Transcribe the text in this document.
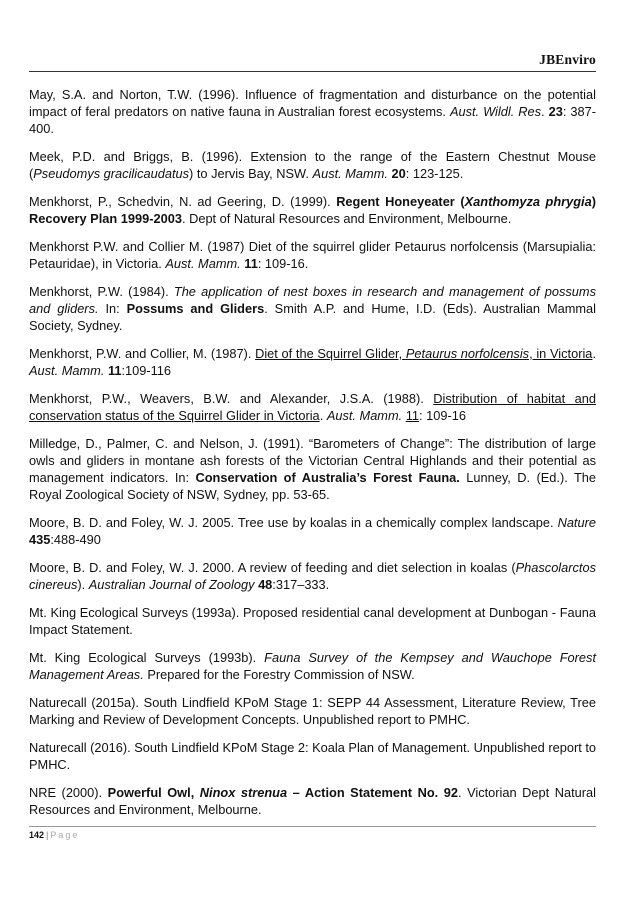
JBEnviro

May, S.A. and Norton, T.W. (1996). Influence of fragmentation and disturbance on the potential impact of feral predators on native fauna in Australian forest ecosystems. Aust. Wildl. Res. 23: 387-400.

Meek, P.D. and Briggs, B. (1996). Extension to the range of the Eastern Chestnut Mouse (Pseudomys gracilicaudatus) to Jervis Bay, NSW. Aust. Mamm. 20: 123-125.

Menkhorst, P., Schedvin, N. ad Geering, D. (1999). Regent Honeyeater (Xanthomyza phrygia) Recovery Plan 1999-2003. Dept of Natural Resources and Environment, Melbourne.

Menkhorst P.W. and Collier M. (1987) Diet of the squirrel glider Petaurus norfolcensis (Marsupialia: Petauridae), in Victoria. Aust. Mamm. 11: 109-16.

Menkhorst, P.W. (1984). The application of nest boxes in research and management of possums and gliders. In: Possums and Gliders. Smith A.P. and Hume, I.D. (Eds). Australian Mammal Society, Sydney.

Menkhorst, P.W. and Collier, M. (1987). Diet of the Squirrel Glider, Petaurus norfolcensis, in Victoria. Aust. Mamm. 11:109-116

Menkhorst, P.W., Weavers, B.W. and Alexander, J.S.A. (1988). Distribution of habitat and conservation status of the Squirrel Glider in Victoria. Aust. Mamm. 11: 109-16

Milledge, D., Palmer, C. and Nelson, J. (1991). “Barometers of Change”: The distribution of large owls and gliders in montane ash forests of the Victorian Central Highlands and their potential as management indicators. In: Conservation of Australia’s Forest Fauna. Lunney, D. (Ed.). The Royal Zoological Society of NSW, Sydney, pp. 53-65.

Moore, B. D. and Foley, W. J. 2005. Tree use by koalas in a chemically complex landscape. Nature 435:488-490

Moore, B. D. and Foley, W. J. 2000. A review of feeding and diet selection in koalas (Phascolarctos cinereus). Australian Journal of Zoology 48:317–333.

Mt. King Ecological Surveys (1993a). Proposed residential canal development at Dunbogan - Fauna Impact Statement.

Mt. King Ecological Surveys (1993b). Fauna Survey of the Kempsey and Wauchope Forest Management Areas. Prepared for the Forestry Commission of NSW.

Naturecall (2015a). South Lindfield KPoM Stage 1: SEPP 44 Assessment, Literature Review, Tree Marking and Review of Development Concepts. Unpublished report to PMHC.

Naturecall (2016). South Lindfield KPoM Stage 2: Koala Plan of Management. Unpublished report to PMHC.

NRE (2000). Powerful Owl, Ninox strenua – Action Statement No. 92. Victorian Dept Natural Resources and Environment, Melbourne.

142 | Page
